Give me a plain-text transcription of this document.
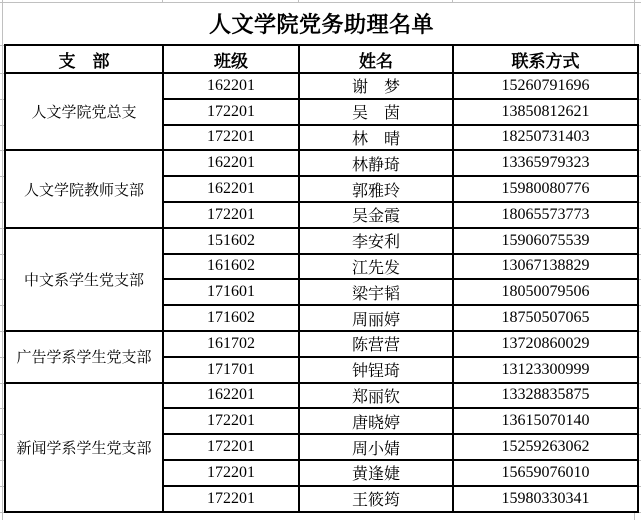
人文学院党务助理名单			
支　部	班级	姓名	联系方式
人文学院党总支	162201	谢　梦	15260791696
	172201	吴　茵	13850812621
	172201	林　晴	18250731403
人文学院教师支部	162201	林静琦	13365979323
	162201	郭雅玲	15980080776
	172201	吴金霞	18065573773
中文系学生党支部	151602	李安利	15906075539
	161602	江先发	13067138829
	171601	梁宇韬	18050079506
	171602	周丽婷	18750507065
广告学系学生党支部	161702	陈营营	13720860029
	171701	钟锃琦	13123300999
新闻学系学生党支部	162201	郑丽钦	13328835875
	172201	唐晓婷	13615070140
	172201	周小婧	15259263062
	172201	黄逢婕	15659076010
	172201	王筱筠	15980330341
